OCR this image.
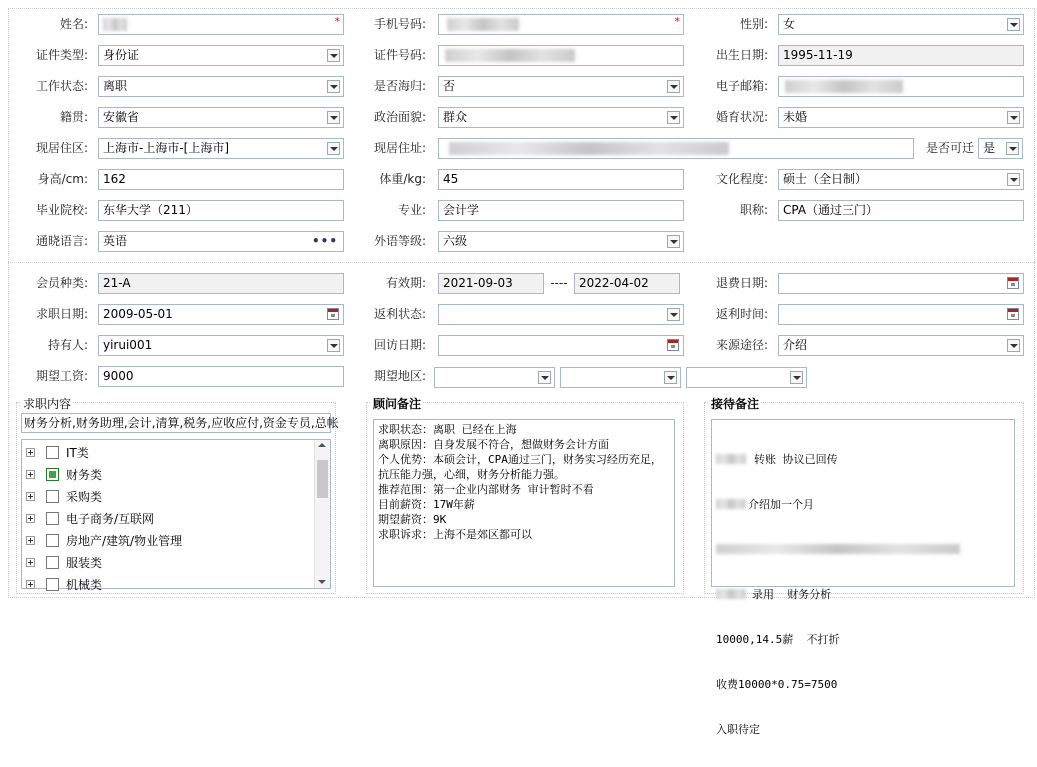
姓名:	*	手机号码:	*	性别:	女
证件类型:	身份证	证件号码:	出生日期:	1995-11-19
工作状态:	离职	是否海归:	否	电子邮箱:
籍贯:	安徽省	政治面貌:	群众	婚育状况:	未婚
现居住区:	上海市-上海市-[上海市]	现居住址:	是否可迁 是
身高/cm:	162	体重/kg:	45	文化程度:	硕士（全日制）
毕业院校:	东华大学（211）	专业:	会计学	职称:	CPA（通过三门）
通晓语言:	英语	•••	外语等级:	六级
会员种类:	21-A	有效期:	2021-09-03	---- 2022-04-02	退费日期:
求职日期:	2009-05-01	返利状态:	返利时间:
持有人:	yirui001	回访日期:	来源途径:	介绍
期望工资:	9000	期望地区:
求职内容
财务分析,财务助理,会计,清算,税务,应收应付,资金专员,总帐
IT类
财务类
采购类
电子商务/互联网
房地产/建筑/物业管理
服装类
机械类
顾问备注
求职状态：离职 已经在上海
离职原因：自身发展不符合，想做财务会计方面
个人优势：本硕会计，CPA通过三门，财务实习经历充足，抗压能力强，心细，财务分析能力强。
推荐范围：第一企业内部财务 审计暂时不看
目前薪资：17W年薪
期望薪资：9K
求职诉求：上海不是郊区都可以
接待备注

转账 协议已回传

介绍加一个月

录用  财务分析

10000,14.5薪  不打折

收费10000*0.75=7500

入职待定
